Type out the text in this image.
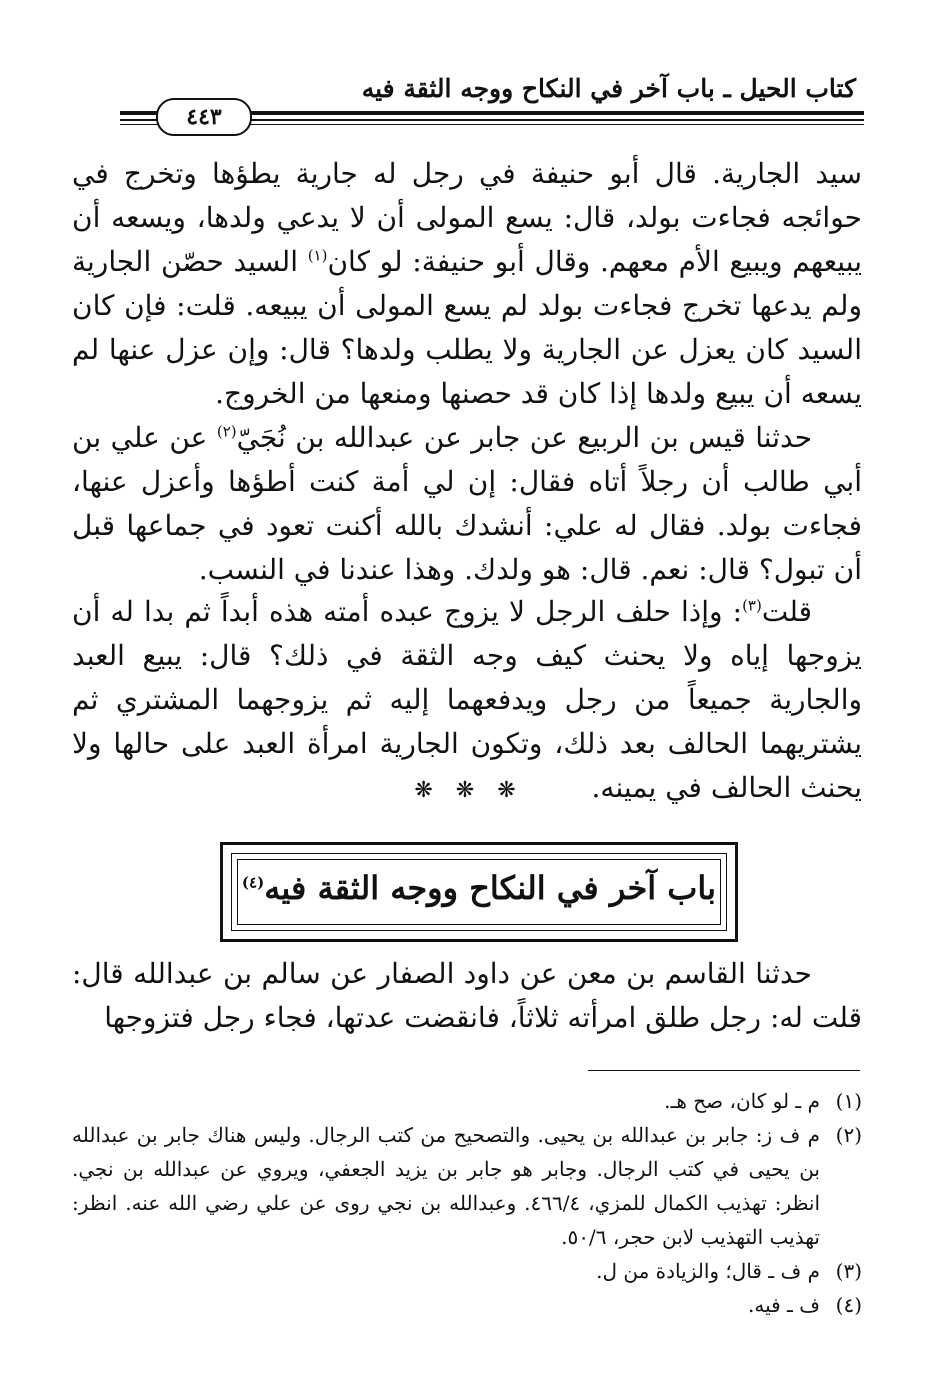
كتاب الحيل ـ باب آخر في النكاح ووجه الثقة فيه
٤٤٣
سيد الجارية. قال أبو حنيفة في رجل له جارية يطؤها وتخرج في حوائجه فجاءت بولد، قال: يسع المولى أن لا يدعي ولدها، ويسعه أن يبيعهم ويبيع الأم معهم. وقال أبو حنيفة: لو كان$^{(١)}$ السيد حصّن الجارية ولم يدعها تخرج فجاءت بولد لم يسع المولى أن يبيعه. قلت: فإن كان السيد كان يعزل عن الجارية ولا يطلب ولدها؟ قال: وإن عزل عنها لم يسعه أن يبيع ولدها إذا كان قد حصنها ومنعها من الخروج.
حدثنا قيس بن الربيع عن جابر عن عبدالله بن نُجَيّ$^{(٢)}$ عن علي بن أبي طالب أن رجلاً أتاه فقال: إن لي أمة كنت أطؤها وأعزل عنها، فجاءت بولد. فقال له علي: أنشدك بالله أكنت تعود في جماعها قبل أن تبول؟ قال: نعم. قال: هو ولدك. وهذا عندنا في النسب.
قلت$^{(٣)}$: وإذا حلف الرجل لا يزوج عبده أمته هذه أبداً ثم بدا له أن يزوجها إياه ولا يحنث كيف وجه الثقة في ذلك؟ قال: يبيع العبد والجارية جميعاً من رجل ويدفعهما إليه ثم يزوجهما المشتري ثم يشتريهما الحالف بعد ذلك، وتكون الجارية امرأة العبد على حالها ولا يحنث الحالف في يمينه.
❋ ❋ ❋
باب آخر في النكاح ووجه الثقة فيه$^{(٤)}$
حدثنا القاسم بن معن عن داود الصفار عن سالم بن عبدالله قال: قلت له: رجل طلق امرأته ثلاثاً، فانقضت عدتها، فجاء رجل فتزوجها
(١)
م ـ لو كان، صح هـ.
(٢)
م ف ز: جابر بن عبدالله بن يحيى. والتصحيح من كتب الرجال. وليس هناك جابر بن عبدالله بن يحيى في كتب الرجال. وجابر هو جابر بن يزيد الجعفي، ويروي عن عبدالله بن نجي. انظر: تهذيب الكمال للمزي، ٤٦٦/٤. وعبدالله بن نجي روى عن علي رضي الله عنه. انظر: تهذيب التهذيب لابن حجر، ٥٠/٦.
(٣)
م ف ـ قال؛ والزيادة من ل.
(٤)
ف ـ فيه.
